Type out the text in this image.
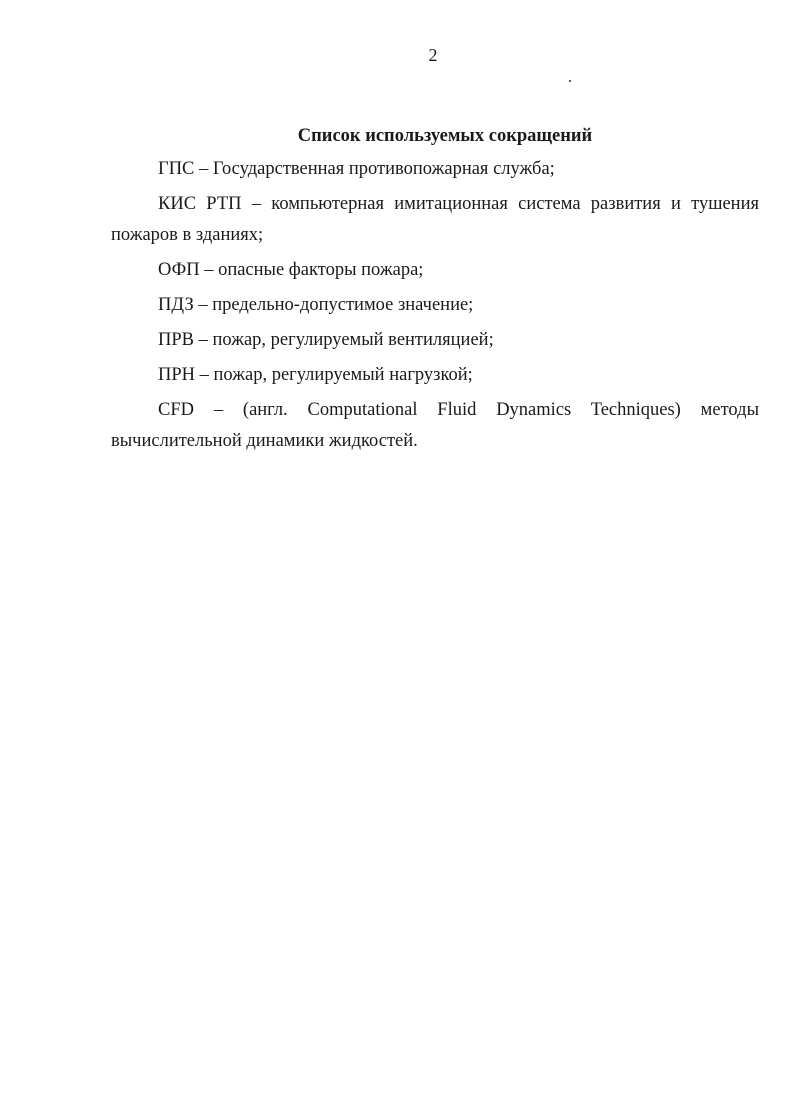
2
Список используемых сокращений

ГПС – Государственная противопожарная служба;

КИС РТП – компьютерная имитационная система развития и тушения пожаров в зданиях;

ОФП – опасные факторы пожара;

ПДЗ – предельно-допустимое значение;

ПРВ – пожар, регулируемый вентиляцией;

ПРН – пожар, регулируемый нагрузкой;

CFD – (англ. Computational Fluid Dynamics Techniques) методы вычислительной динамики жидкостей.
